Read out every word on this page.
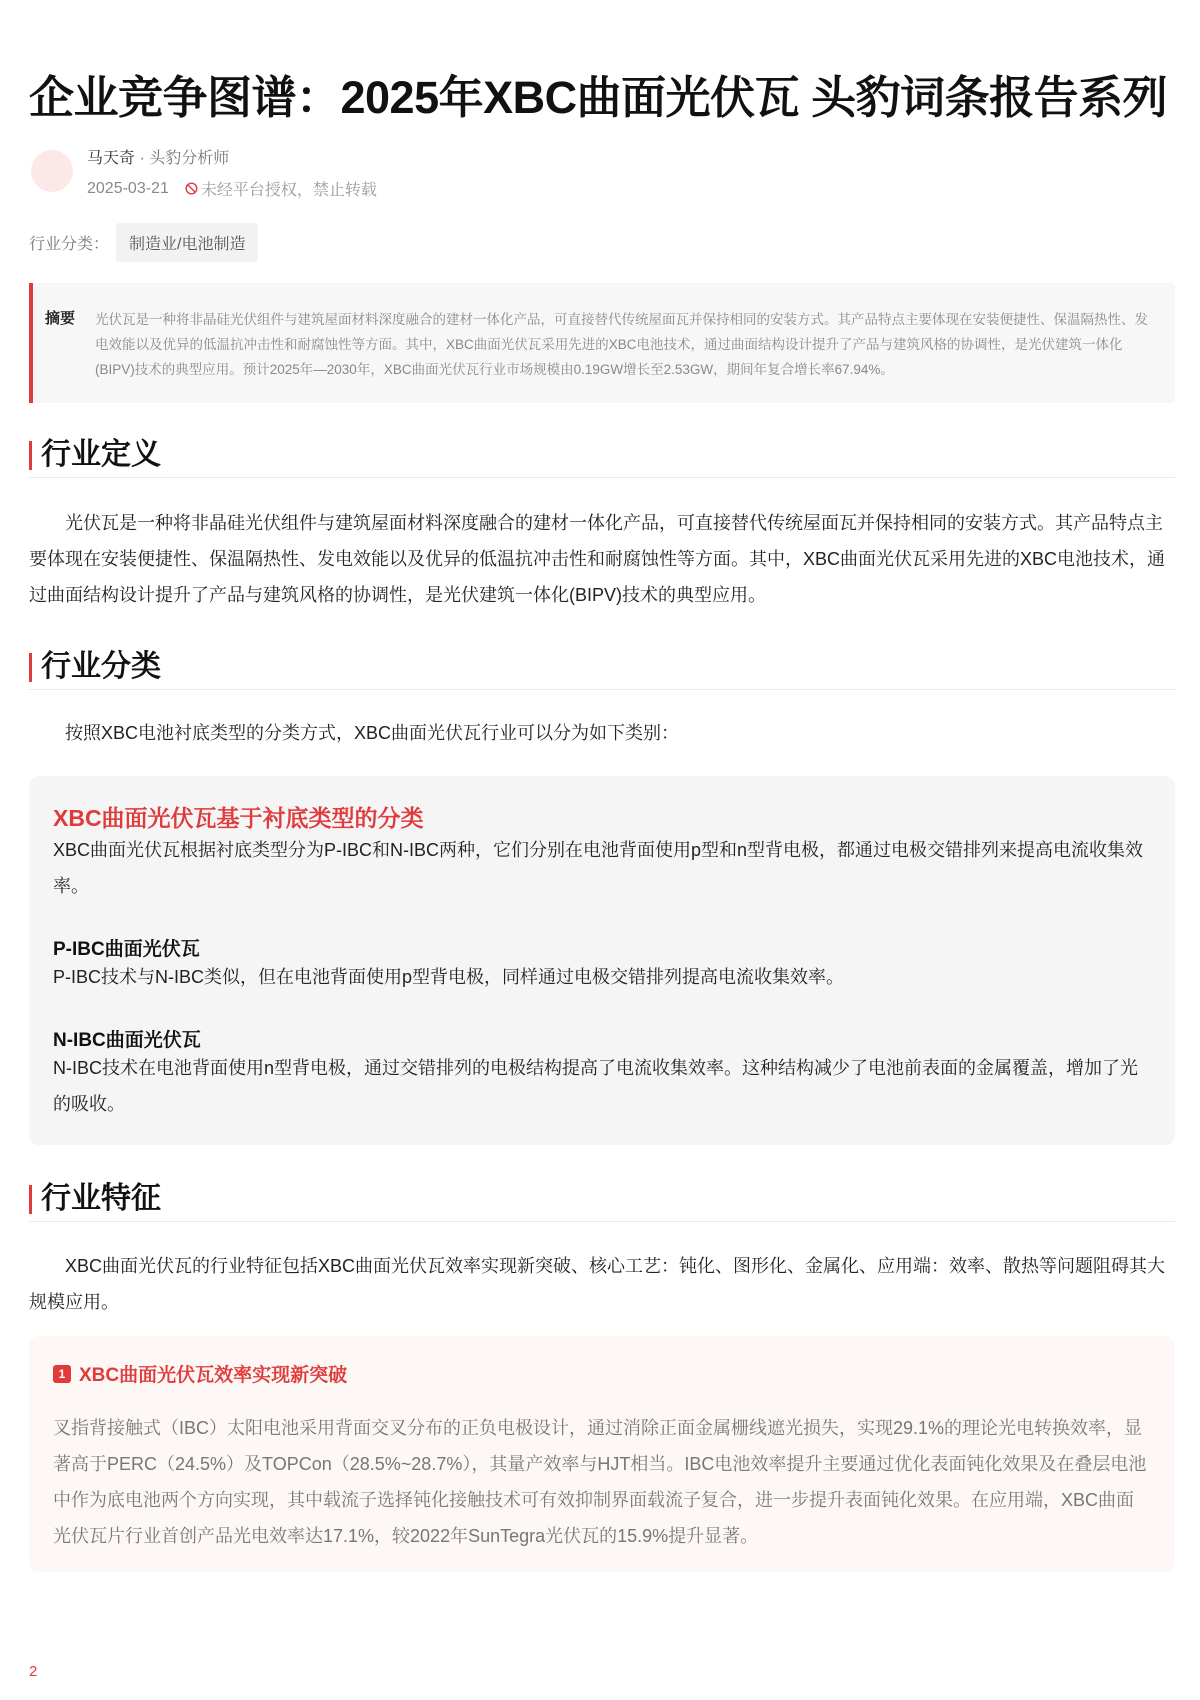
企业竞争图谱：2025年XBC曲面光伏瓦 头豹词条报告系列
马天奇 · 头豹分析师
2025-03-21 未经平台授权，禁止转载
行业分类：	制造业/电池制造
摘要 光伏瓦是一种将非晶硅光伏组件与建筑屋面材料深度融合的建材一体化产品，可直接替代传统屋面瓦并保持相同的安装方式。其产品特点主要体现在安装便捷性、保温隔热性、发电效能以及优异的低温抗冲击性和耐腐蚀性等方面。其中，XBC曲面光伏瓦采用先进的XBC电池技术，通过曲面结构设计提升了产品与建筑风格的协调性，是光伏建筑一体化(BIPV)技术的典型应用。预计2025年—2030年，XBC曲面光伏瓦行业市场规模由0.19GW增长至2.53GW，期间年复合增长率67.94%。
行业定义
光伏瓦是一种将非晶硅光伏组件与建筑屋面材料深度融合的建材一体化产品，可直接替代传统屋面瓦并保持相同的安装方式。其产品特点主要体现在安装便捷性、保温隔热性、发电效能以及优异的低温抗冲击性和耐腐蚀性等方面。其中，XBC曲面光伏瓦采用先进的XBC电池技术，通过曲面结构设计提升了产品与建筑风格的协调性，是光伏建筑一体化(BIPV)技术的典型应用。
行业分类
按照XBC电池衬底类型的分类方式，XBC曲面光伏瓦行业可以分为如下类别：
XBC曲面光伏瓦基于衬底类型的分类
XBC曲面光伏瓦根据衬底类型分为P-IBC和N-IBC两种，它们分别在电池背面使用p型和n型背电极，都通过电极交错排列来提高电流收集效率。
P-IBC曲面光伏瓦
P-IBC技术与N-IBC类似，但在电池背面使用p型背电极，同样通过电极交错排列提高电流收集效率。
N-IBC曲面光伏瓦
N-IBC技术在电池背面使用n型背电极，通过交错排列的电极结构提高了电流收集效率。这种结构减少了电池前表面的金属覆盖，增加了光的吸收。
行业特征
XBC曲面光伏瓦的行业特征包括XBC曲面光伏瓦效率实现新突破、核心工艺：钝化、图形化、金属化、应用端：效率、散热等问题阻碍其大规模应用。
1 XBC曲面光伏瓦效率实现新突破
叉指背接触式（IBC）太阳电池采用背面交叉分布的正负电极设计，通过消除正面金属栅线遮光损失，实现29.1%的理论光电转换效率，显著高于PERC（24.5%）及TOPCon（28.5%~28.7%），其量产效率与HJT相当。IBC电池效率提升主要通过优化表面钝化效果及在叠层电池中作为底电池两个方向实现，其中载流子选择钝化接触技术可有效抑制界面载流子复合，进一步提升表面钝化效果。在应用端，XBC曲面光伏瓦片行业首创产品光电效率达17.1%，较2022年SunTegra光伏瓦的15.9%提升显著。
2
